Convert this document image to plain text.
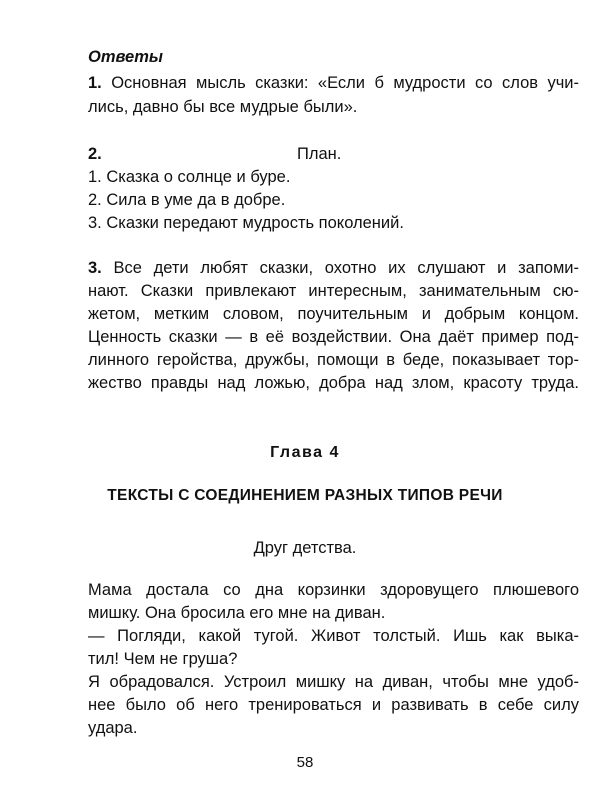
Ответы
1. Основная мысль сказки: «Если б мудрости со слов учи-
лись, давно бы все мудрые были».
2.	План.
1. Сказка о солнце и буре.
2. Сила в уме да в добре.
3. Сказки передают мудрость поколений.
3. Все дети любят сказки, охотно их слушают и запоми-
нают. Сказки привлекают интересным, занимательным сю-
жетом, метким словом, поучительным и добрым концом.
Ценность сказки — в её воздействии. Она даёт пример под-
линного геройства, дружбы, помощи в беде, показывает тор-
жество правды над ложью, добра над злом, красоту труда.
Глава 4
ТЕКСТЫ С СОЕДИНЕНИЕМ РАЗНЫХ ТИПОВ РЕЧИ
Друг детства.
Мама достала со дна корзинки здоровущего плюшевого
мишку. Она бросила его мне на диван.
— Погляди, какой тугой. Живот толстый. Ишь как выка-
тил! Чем не груша?
Я обрадовался. Устроил мишку на диван, чтобы мне удоб-
нее было об него тренироваться и развивать в себе силу
удара.
58
